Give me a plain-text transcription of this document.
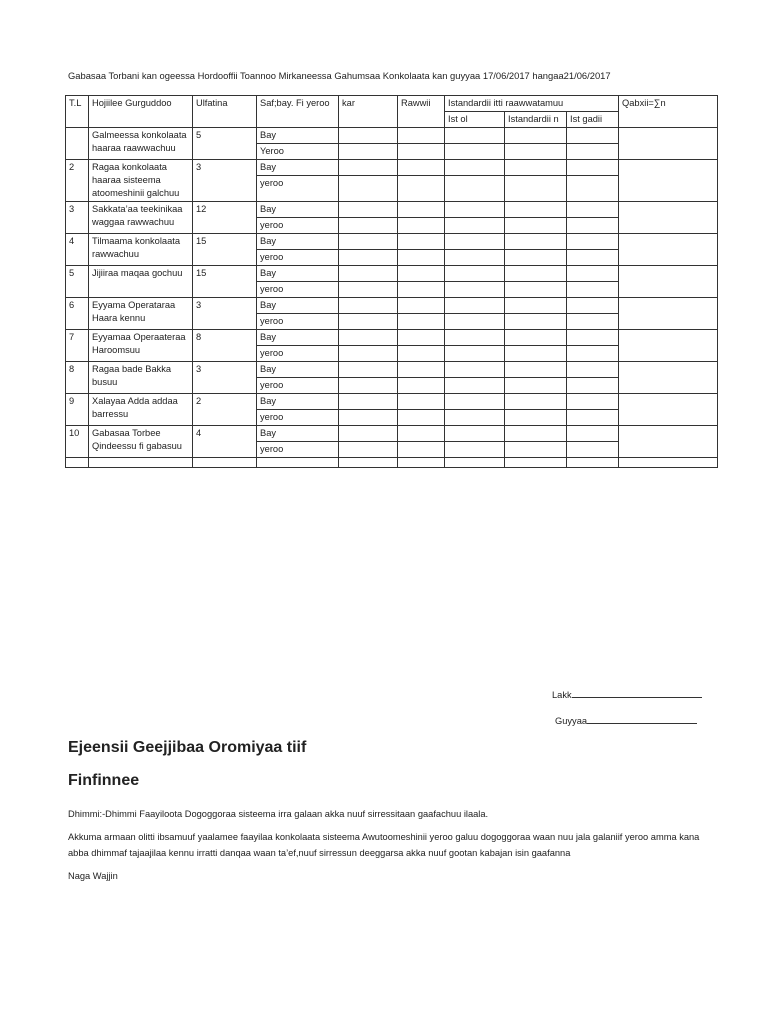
Gabasaa Torbani kan ogeessa Hordooffii Toannoo Mirkaneessa Gahumsaa Konkolaata kan guyyaa 17/06/2017 hangaa21/06/2017
T.L	Hojiilee Gurguddoo	Ulfatina	Saf;bay. Fi yeroo	kar	Rawwii	Istandardii itti raawwatamuu			Qabxii=∑n
						Ist ol	Istandardii n	Ist gadii	
	Galmeessa konkolaata haaraa raawwachuu	5	Bay
Yeroo						

2	Ragaa konkolaata haaraa sisteema atoomeshinii galchuu	3	Bay
yeroo						

3	Sakkata’aa teekinikaa waggaa rawwachuu	12	Bay
yeroo						

4	Tilmaama konkolaata rawwachuu	15	Bay
yeroo						

5	Jijiiraa maqaa gochuu	15	Bay
yeroo						

6	Eyyama Operataraa Haara kennu	3	Bay
yeroo						

7	Eyyamaa Operaateraa Haroomsuu	8	Bay
yeroo						

8	Ragaa bade Bakka busuu	3	Bay
yeroo						

9	Xalayaa Adda addaa barressu	2	Bay
yeroo						

10	Gabasaa Torbee Qindeessu fi gabasuu	4	Bay
yeroo						

Lakk
Guyyaa
Ejeensii Geejjibaa Oromiyaa tiif
Finfinnee

Dhimmi:-Dhimmi Faayiloota Dogoggoraa sisteema irra galaan akka nuuf sirressitaan gaafachuu ilaala.

Akkuma armaan olitti ibsamuuf yaalamee faayilaa konkolaata sisteema Awutoomeshinii yeroo galuu dogoggoraa waan nuu jala galaniif yeroo amma kana abba dhimmaf tajaajilaa kennu irratti danqaa waan ta’ef,nuuf sirressun deeggarsa akka nuuf gootan kabajan isin gaafanna

Naga Wajjin
